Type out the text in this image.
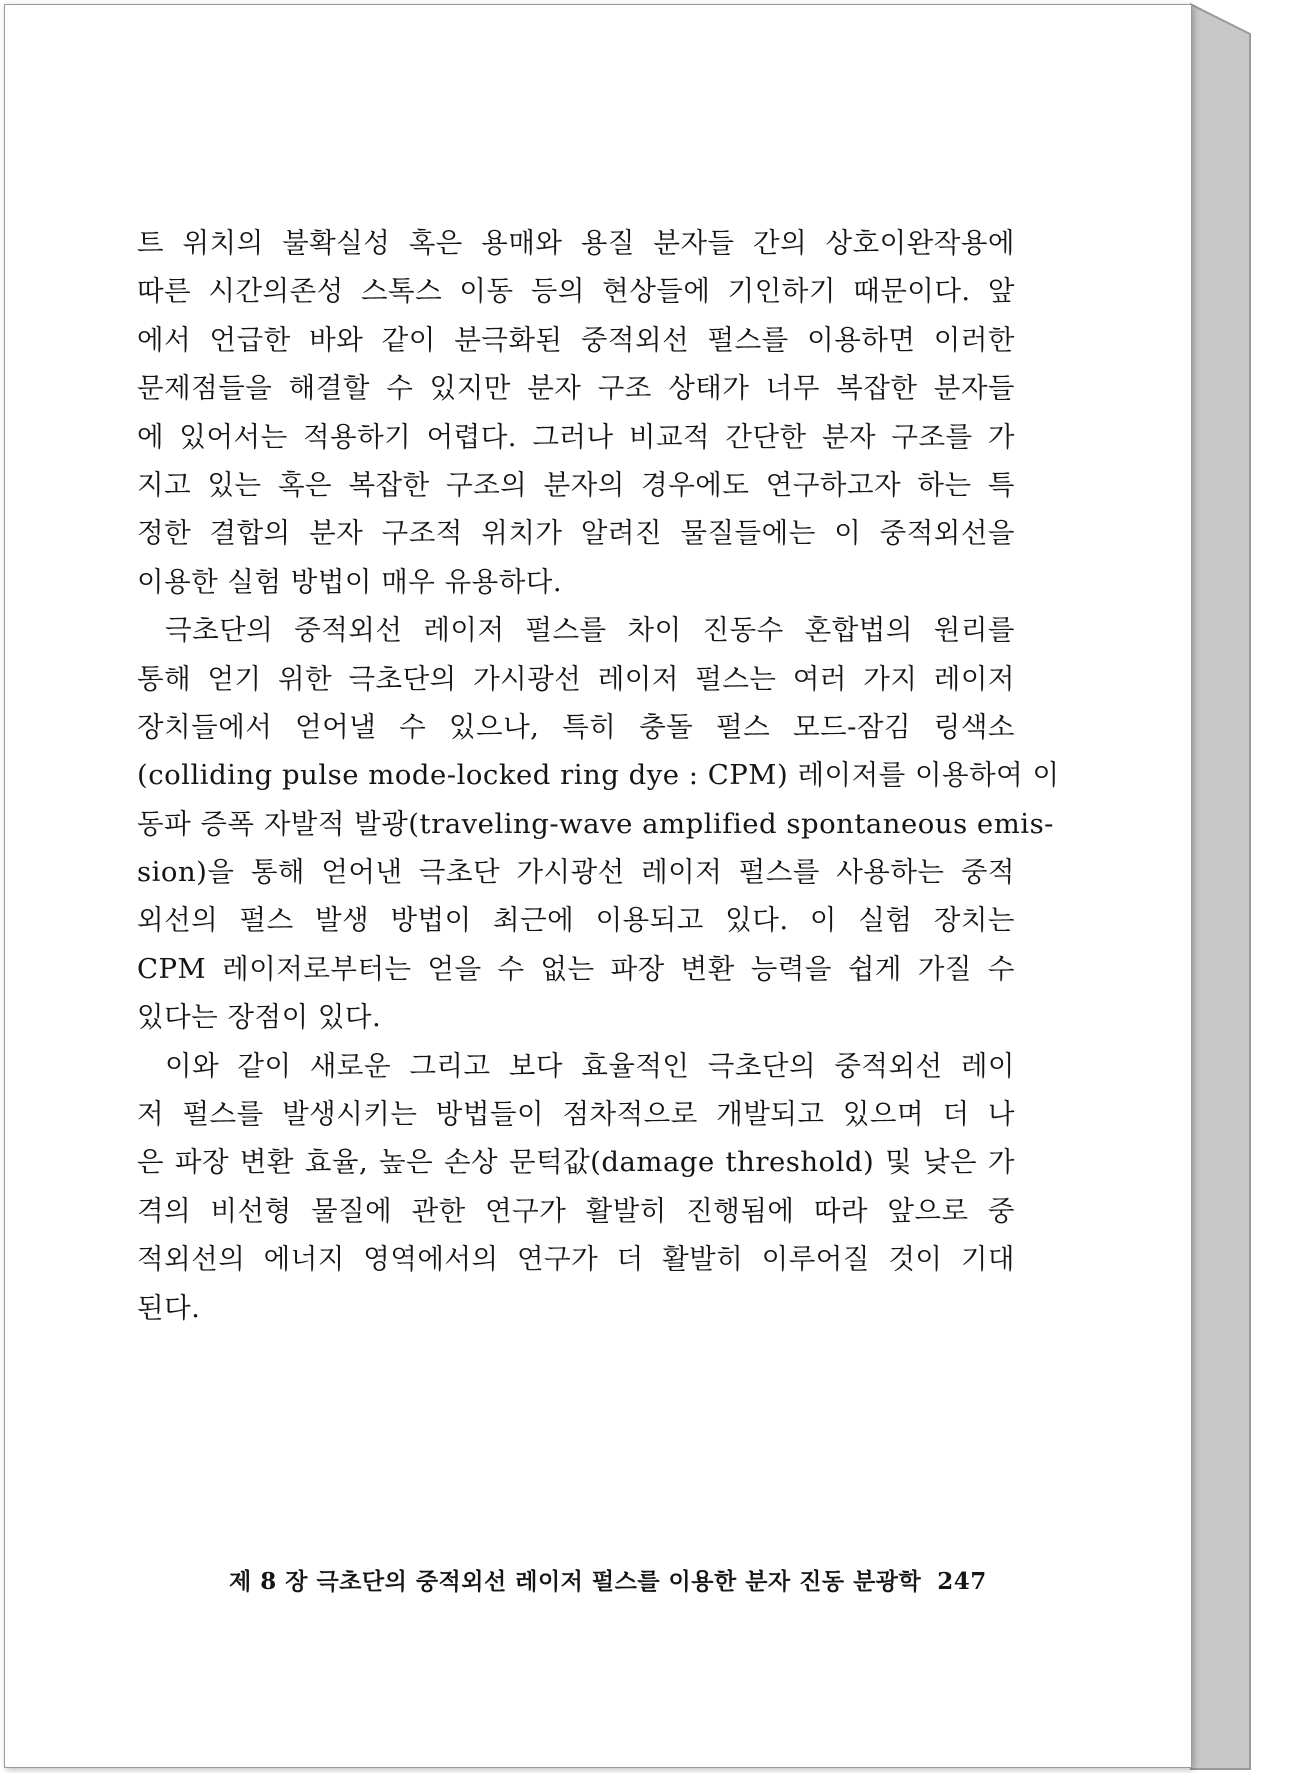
트 위치의 불확실성 혹은 용매와 용질 분자들 간의 상호이완작용에
따른 시간의존성 스톡스 이동 등의 현상들에 기인하기 때문이다. 앞
에서 언급한 바와 같이 분극화된 중적외선 펄스를 이용하면 이러한
문제점들을 해결할 수 있지만 분자 구조 상태가 너무 복잡한 분자들
에 있어서는 적용하기 어렵다. 그러나 비교적 간단한 분자 구조를 가
지고 있는 혹은 복잡한 구조의 분자의 경우에도 연구하고자 하는 특
정한 결합의 분자 구조적 위치가 알려진 물질들에는 이 중적외선을
이용한 실험 방법이 매우 유용하다.
극초단의 중적외선 레이저 펄스를 차이 진동수 혼합법의 원리를
통해 얻기 위한 극초단의 가시광선 레이저 펄스는 여러 가지 레이저
장치들에서 얻어낼 수 있으나, 특히 충돌 펄스 모드-잠김 링색소
(colliding pulse mode-locked ring dye : CPM) 레이저를 이용하여 이
동파 증폭 자발적 발광(traveling-wave amplified spontaneous emis-
sion)을 통해 얻어낸 극초단 가시광선 레이저 펄스를 사용하는 중적
외선의 펄스 발생 방법이 최근에 이용되고 있다. 이 실험 장치는
CPM 레이저로부터는 얻을 수 없는 파장 변환 능력을 쉽게 가질 수
있다는 장점이 있다.
이와 같이 새로운 그리고 보다 효율적인 극초단의 중적외선 레이
저 펄스를 발생시키는 방법들이 점차적으로 개발되고 있으며 더 나
은 파장 변환 효율, 높은 손상 문턱값(damage threshold) 및 낮은 가
격의 비선형 물질에 관한 연구가 활발히 진행됨에 따라 앞으로 중
적외선의 에너지 영역에서의 연구가 더 활발히 이루어질 것이 기대
된다.
제 8 장 극초단의 중적외선 레이저 펄스를 이용한 분자 진동 분광학 247
